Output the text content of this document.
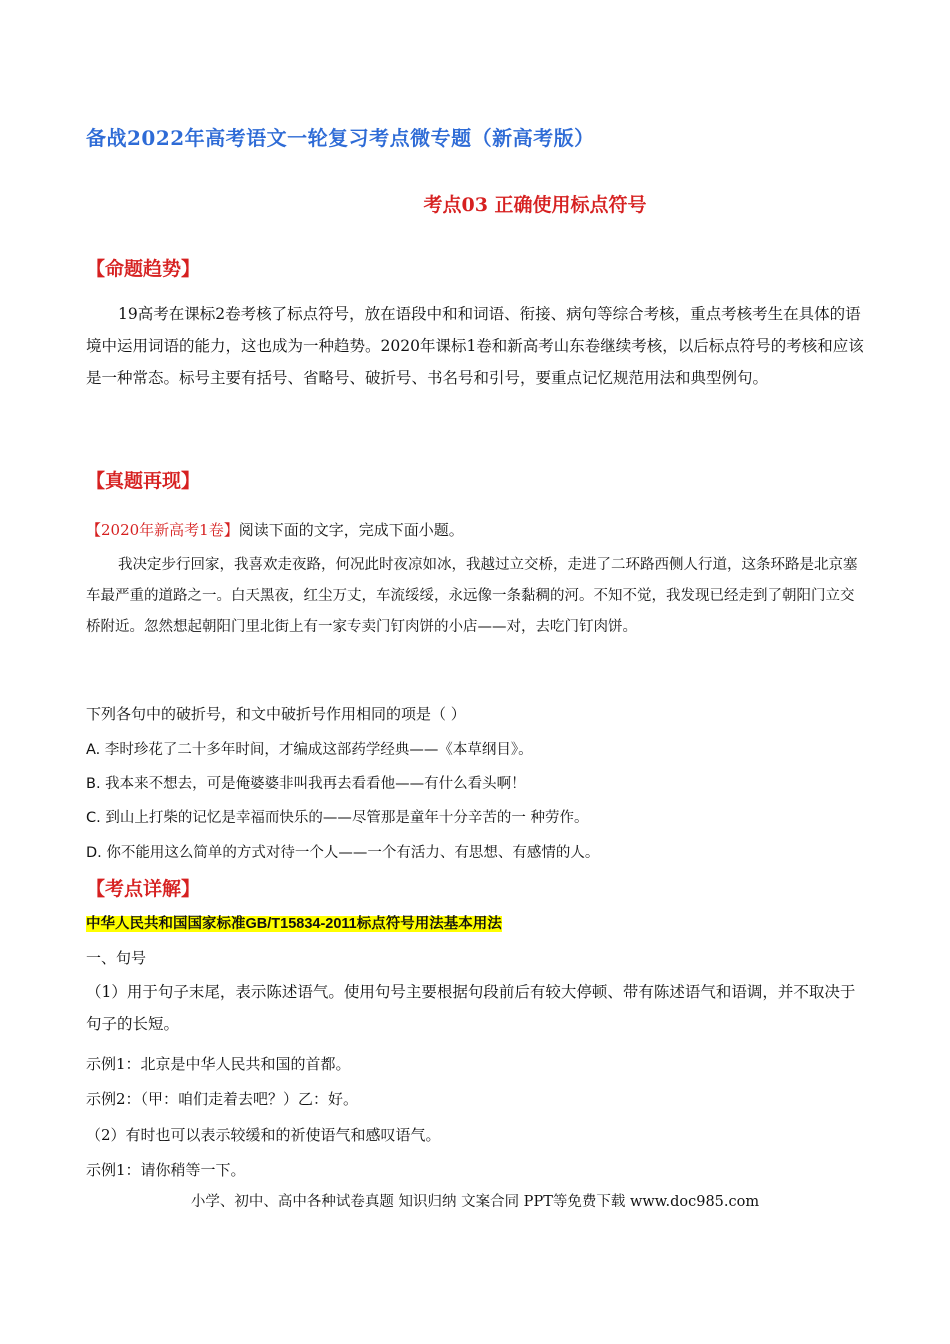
备战2022年高考语文一轮复习考点微专题（新高考版）
考点03 正确使用标点符号
【命题趋势】

19高考在课标2卷考核了标点符号，放在语段中和和词语、衔接、病句等综合考核，重点考核考生在具体的语境中运用词语的能力，这也成为一种趋势。2020年课标1卷和新高考山东卷继续考核，以后标点符号的考核和应该是一种常态。标号主要有括号、省略号、破折号、书名号和引号，要重点记忆规范用法和典型例句。

【真题再现】
【2020年新高考1卷】阅读下面的文字，完成下面小题。

我决定步行回家，我喜欢走夜路，何况此时夜凉如冰，我越过立交桥，走进了二环路西侧人行道，这条环路是北京塞车最严重的道路之一。白天黑夜，红尘万丈，车流绥绥，永远像一条黏稠的河。不知不觉，我发现已经走到了朝阳门立交桥附近。忽然想起朝阳门里北街上有一家专卖门钉肉饼的小店——对，去吃门钉肉饼。

下列各句中的破折号，和文中破折号作用相同的项是（ ）
A. 李时珍花了二十多年时间，才编成这部药学经典——《本草纲目》。
B. 我本来不想去，可是俺婆婆非叫我再去看看他——有什么看头啊！
C. 到山上打柴的记忆是幸福而快乐的——尽管那是童年十分辛苦的一 种劳作。
D. 你不能用这么简单的方式对待一个人——一个有活力、有思想、有感情的人。
【考点详解】
中华人民共和国国家标准GB/T15834-2011标点符号用法基本用法
一、句号

（1）用于句子末尾，表示陈述语气。使用句号主要根据句段前后有较大停顿、带有陈述语气和语调，并不取决于句子的长短。

示例1：北京是中华人民共和国的首都。
示例2：（甲：咱们走着去吧？）乙：好。
（2）有时也可以表示较缓和的祈使语气和感叹语气。
示例1：请你稍等一下。
小学、初中、高中各种试卷真题 知识归纳 文案合同 PPT等免费下载 www.doc985.com
